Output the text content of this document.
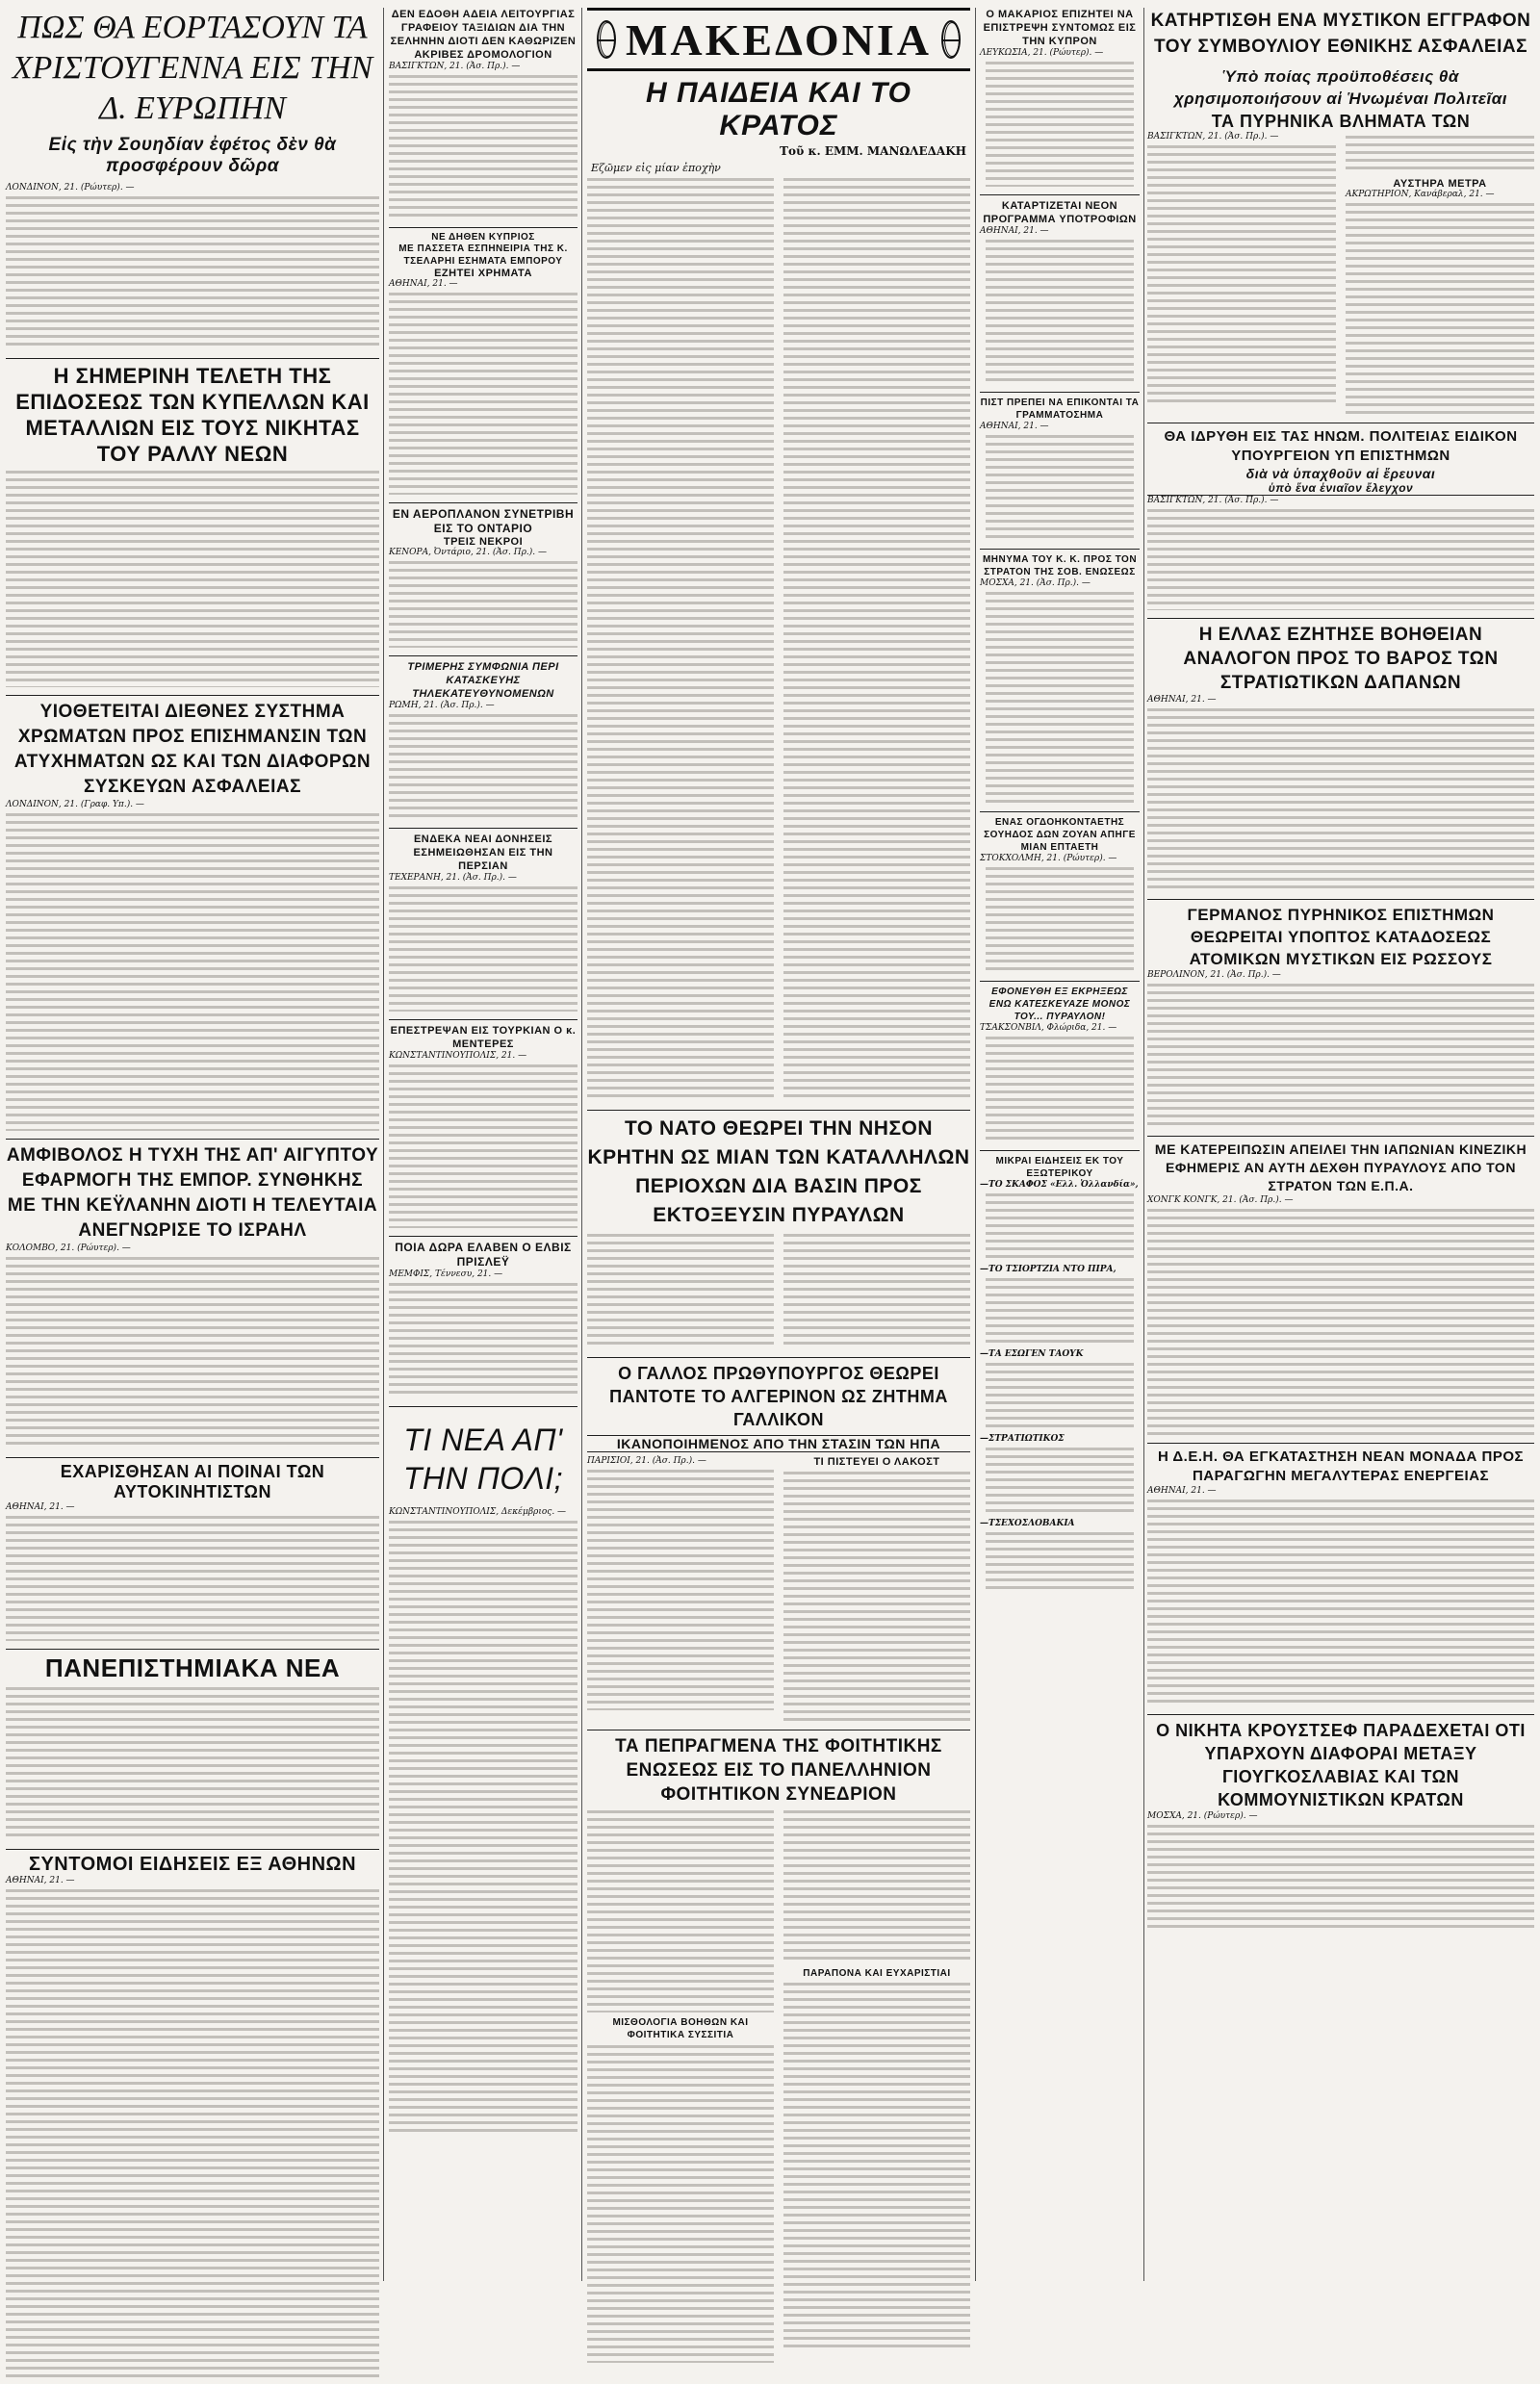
ΠΩΣ ΘΑ ΕΟΡΤΑΣΟΥΝ ΤΑ ΧΡΙΣΤΟΥΓΕΝΝΑ ΕΙΣ ΤΗΝ Δ. ΕΥΡΩΠΗΝ
Εἰς τὴν Σουηδίαν ἐφέτος δὲν θὰ προσφέρουν δῶρα
ΛΟΝΔΙΝΟΝ, 21. (Ρώυτερ). —
Η ΣΗΜΕΡΙΝΗ ΤΕΛΕΤΗ ΤΗΣ ΕΠΙΔΟΣΕΩΣ ΤΩΝ ΚΥΠΕΛΛΩΝ ΚΑΙ ΜΕΤΑΛΛΙΩΝ ΕΙΣ ΤΟΥΣ ΝΙΚΗΤΑΣ ΤΟΥ ΡΑΛΛΥ ΝΕΩΝ
ΥΙΟΘΕΤΕΙΤΑΙ ΔΙΕΘΝΕΣ ΣΥΣΤΗΜΑ ΧΡΩΜΑΤΩΝ ΠΡΟΣ ΕΠΙΣΗΜΑΝΣΙΝ ΤΩΝ ΑΤΥΧΗΜΑΤΩΝ ΩΣ ΚΑΙ ΤΩΝ ΔΙΑΦΟΡΩΝ ΣΥΣΚΕΥΩΝ ΑΣΦΑΛΕΙΑΣ
ΛΟΝΔΙΝΟΝ, 21. (Γραφ. Υπ.). —
ΑΜΦΙΒΟΛΟΣ Η ΤΥΧΗ ΤΗΣ ΑΠ' ΑΙΓΥΠΤΟΥ ΕΦΑΡΜΟΓΗ ΤΗΣ ΕΜΠΟΡ. ΣΥΝΘΗΚΗΣ ΜΕ ΤΗΝ ΚΕΫΛΑΝΗΝ ΔΙΟΤΙ Η ΤΕΛΕΥΤΑΙΑ ΑΝΕΓΝΩΡΙΣΕ ΤΟ ΙΣΡΑΗΛ
ΚΟΛΟΜΒΟ, 21. (Ρώυτερ). —
ΕΧΑΡΙΣΘΗΣΑΝ ΑΙ ΠΟΙΝΑΙ ΤΩΝ ΑΥΤΟΚΙΝΗΤΙΣΤΩΝ
ΑΘΗΝΑΙ, 21. —
ΠΑΝΕΠΙΣΤΗΜΙΑΚΑ ΝΕΑ
ΣΥΝΤΟΜΟΙ ΕΙΔΗΣΕΙΣ ΕΞ ΑΘΗΝΩΝ
ΑΘΗΝΑΙ, 21. —
ΔΕΝ ΕΔΟΘΗ ΑΔΕΙΑ ΛΕΙΤΟΥΡΓΙΑΣ ΓΡΑΦΕΙΟΥ ΤΑΞΙΔΙΩΝ ΔΙΑ ΤΗΝ ΣΕΛΗΝΗΝ ΔΙΟΤΙ ΔΕΝ ΚΑΘΩΡΙΖΕΝ ΑΚΡΙΒΕΣ ΔΡΟΜΟΛΟΓΙΟΝ
ΒΑΣΙΓΚΤΩΝ, 21. (Ἀσ. Πρ.). —
ΝΕ ΔΗΘΕΝ ΚΥΠΡΙΟΣ
ΜΕ ΠΑΣΣΕΤΑ ΕΣΠΗΝΕΙΡΙΑ ΤΗΣ Κ. ΤΣΕΛΑΡΗΙ ΕΣΗΜΑΤΑ ΕΜΠΟΡΟΥ
ΕΖΗΤΕΙ ΧΡΗΜΑΤΑ
ΑΘΗΝΑΙ, 21. —
ΕΝ ΑΕΡΟΠΛΑΝΟΝ ΣΥΝΕΤΡΙΒΗ ΕΙΣ ΤΟ ΟΝΤΑΡΙΟ
ΤΡΕΙΣ ΝΕΚΡΟΙ
ΚΕΝΟΡΑ, Ὀντάριο, 21. (Ἀσ. Πρ.). —
ΤΡΙΜΕΡΗΣ ΣΥΜΦΩΝΙΑ ΠΕΡΙ ΚΑΤΑΣΚΕΥΗΣ ΤΗΛΕΚΑΤΕΥΘΥΝΟΜΕΝΩΝ
ΡΩΜΗ, 21. (Ἀσ. Πρ.). —
ΕΝΔΕΚΑ ΝΕΑΙ ΔΟΝΗΣΕΙΣ ΕΣΗΜΕΙΩΘΗΣΑΝ ΕΙΣ ΤΗΝ ΠΕΡΣΙΑΝ
ΤΕΧΕΡΑΝΗ, 21. (Ἀσ. Πρ.). —
ΕΠΕΣΤΡΕΨΑΝ ΕΙΣ ΤΟΥΡΚΙΑΝ Ο κ. ΜΕΝΤΕΡΕΣ
ΚΩΝΣΤΑΝΤΙΝΟΥΠΟΛΙΣ, 21. —
ΠΟΙΑ ΔΩΡΑ ΕΛΑΒΕΝ Ο ΕΛΒΙΣ ΠΡΙΣΛΕΫ
ΜΕΜΦΙΣ, Τέννεσυ, 21. —
ΤΙ ΝΕΑ ΑΠ' ΤΗΝ ΠΟΛΙ;
ΚΩΝΣΤΑΝΤΙΝΟΥΠΟΛΙΣ, Δεκέμβριος. —
ΜΑΚΕΔΟΝΙΑ
Η ΠΑΙΔΕΙΑ ΚΑΙ ΤΟ ΚΡΑΤΟΣ
Τοῦ κ. ΕΜΜ. ΜΑΝΩΛΕΔΑΚΗ
Εζῶμεν εἰς μίαν ἐποχὴν
ΤΟ ΝΑΤΟ ΘΕΩΡΕΙ ΤΗΝ ΝΗΣΟΝ ΚΡΗΤΗΝ ΩΣ ΜΙΑΝ ΤΩΝ ΚΑΤΑΛΛΗΛΩΝ ΠΕΡΙΟΧΩΝ ΔΙΑ ΒΑΣΙΝ ΠΡΟΣ ΕΚΤΟΞΕΥΣΙΝ ΠΥΡΑΥΛΩΝ
Ο ΓΑΛΛΟΣ ΠΡΩΘΥΠΟΥΡΓΟΣ ΘΕΩΡΕΙ ΠΑΝΤΟΤΕ ΤΟ ΑΛΓΕΡΙΝΟΝ ΩΣ ΖΗΤΗΜΑ ΓΑΛΛΙΚΟΝ
ΙΚΑΝΟΠΟΙΗΜΕΝΟΣ ΑΠΟ ΤΗΝ ΣΤΑΣΙΝ ΤΩΝ ΗΠΑ
ΠΑΡΙΣΙΟΙ, 21. (Ἀσ. Πρ.). —	ΤΙ ΠΙΣΤΕΥΕΙ Ο ΛΑΚΟΣΤ
ΤΑ ΠΕΠΡΑΓΜΕΝΑ ΤΗΣ ΦΟΙΤΗΤΙΚΗΣ ΕΝΩΣΕΩΣ ΕΙΣ ΤΟ ΠΑΝΕΛΛΗΝΙΟΝ ΦΟΙΤΗΤΙΚΟΝ ΣΥΝΕΔΡΙΟΝ
ΜΙΣΘΟΛΟΓΙΑ ΒΟΗΘΩΝ ΚΑΙ ΦΟΙΤΗΤΙΚΑ ΣΥΣΣΙΤΙΑ
ΠΑΡΑΠΟΝΑ ΚΑΙ ΕΥΧΑΡΙΣΤΙΑΙ
Ο ΜΑΚΑΡΙΟΣ ΕΠΙΖΗΤΕΙ ΝΑ ΕΠΙΣΤΡΕΨΗ ΣΥΝΤΟΜΩΣ ΕΙΣ ΤΗΝ ΚΥΠΡΟΝ
ΛΕΥΚΩΣΙΑ, 21. (Ρώυτερ). —
ΚΑΤΑΡΤΙΖΕΤΑΙ ΝΕΟΝ ΠΡΟΓΡΑΜΜΑ ΥΠΟΤΡΟΦΙΩΝ
ΑΘΗΝΑΙ, 21. —
ΠΙΣΤ ΠΡΕΠΕΙ ΝΑ ΕΠΙΚΟΝΤΑΙ ΤΑ ΓΡΑΜΜΑΤΟΣΗΜΑ
ΑΘΗΝΑΙ, 21. —
ΜΗΝΥΜΑ ΤΟΥ Κ. Κ. ΠΡΟΣ ΤΟΝ ΣΤΡΑΤΟΝ ΤΗΣ ΣΟΒ. ΕΝΩΣΕΩΣ
ΜΟΣΧΑ, 21. (Ἀσ. Πρ.). —
ΕΝΑΣ ΟΓΔΟΗΚΟΝΤΑΕΤΗΣ ΣΟΥΗΔΟΣ ΔΩΝ ΖΟΥΑΝ ΑΠΗΓΕ ΜΙΑΝ ΕΠΤΑΕΤΗ
ΣΤΟΚΧΟΛΜΗ, 21. (Ρώυτερ). —
ΕΦΟΝΕΥΘΗ ΕΞ ΕΚΡΗΞΕΩΣ ΕΝΩ ΚΑΤΕΣΚΕΥΑΖΕ ΜΟΝΟΣ ΤΟΥ... ΠΥΡΑΥΛΟΝ!
ΤΣΑΚΣΟΝΒΙΛ, Φλώριδα, 21. —
ΜΙΚΡΑΙ ΕΙΔΗΣΕΙΣ ΕΚ ΤΟΥ ΕΞΩΤΕΡΙΚΟΥ
—ΤΟ ΣΚΑΦΟΣ «Ελλ. Ὁλλανδία»,
—ΤΟ ΤΣΙΟΡΤΖΙΑ ΝΤΟ ΠΙΡΑ,
—ΤΑ ΕΣΩΓΕΝ ΤΑΟΥΚ
—ΣΤΡΑΤΙΩΤΙΚΟΣ
—ΤΣΕΧΟΣΛΟΒΑΚΙΑ
ΚΑΤΗΡΤΙΣΘΗ ΕΝΑ ΜΥΣΤΙΚΟΝ ΕΓΓΡΑΦΟΝ ΤΟΥ ΣΥΜΒΟΥΛΙΟΥ ΕΘΝΙΚΗΣ ΑΣΦΑΛΕΙΑΣ
Ὑπὸ ποίας προϋποθέσεις θὰ χρησιμοποιήσουν αἱ Ἡνωμέναι Πολιτεῖαι
ΤΑ ΠΥΡΗΝΙΚΑ ΒΛΗΜΑΤΑ ΤΩΝ
ΒΑΣΙΓΚΤΩΝ, 21. (Ἀσ. Πρ.). —
ΑΥΣΤΗΡΑ ΜΕΤΡΑ
ΑΚΡΩΤΗΡΙΟΝ, Κανάβεραλ, 21. —
ΘΑ ΙΔΡΥΘΗ ΕΙΣ ΤΑΣ ΗΝΩΜ. ΠΟΛΙΤΕΙΑΣ ΕΙΔΙΚΟΝ ΥΠΟΥΡΓΕΙΟΝ ΥΠ ΕΠΙΣΤΗΜΩΝ
διὰ νὰ ὑπαχθοῦν αἱ ἔρευναι
ὑπὸ ἕνα ἑνιαῖον ἔλεγχον
ΒΑΣΙΓΚΤΩΝ, 21. (Ἀσ. Πρ.). —
Η ΕΛΛΑΣ ΕΖΗΤΗΣΕ ΒΟΗΘΕΙΑΝ ΑΝΑΛΟΓΟΝ ΠΡΟΣ ΤΟ ΒΑΡΟΣ ΤΩΝ ΣΤΡΑΤΙΩΤΙΚΩΝ ΔΑΠΑΝΩΝ
ΑΘΗΝΑΙ, 21. —
ΓΕΡΜΑΝΟΣ ΠΥΡΗΝΙΚΟΣ ΕΠΙΣΤΗΜΩΝ ΘΕΩΡΕΙΤΑΙ ΥΠΟΠΤΟΣ ΚΑΤΑΔΟΣΕΩΣ ΑΤΟΜΙΚΩΝ ΜΥΣΤΙΚΩΝ ΕΙΣ ΡΩΣΣΟΥΣ
ΒΕΡΟΛΙΝΟΝ, 21. (Ἀσ. Πρ.). —
ΜΕ ΚΑΤΕΡΕΙΠΩΣΙΝ ΑΠΕΙΛΕΙ ΤΗΝ ΙΑΠΩΝΙΑΝ ΚΙΝΕΖΙΚΗ ΕΦΗΜΕΡΙΣ ΑΝ ΑΥΤΗ ΔΕΧΘΗ ΠΥΡΑΥΛΟΥΣ ΑΠΟ ΤΟΝ ΣΤΡΑΤΟΝ ΤΩΝ Ε.Π.Α.
ΧΟΝΓΚ ΚΟΝΓΚ, 21. (Ἀσ. Πρ.). —
Η Δ.Ε.Η. ΘΑ ΕΓΚΑΤΑΣΤΗΣΗ ΝΕΑΝ ΜΟΝΑΔΑ ΠΡΟΣ ΠΑΡΑΓΩΓΗΝ ΜΕΓΑΛΥΤΕΡΑΣ ΕΝΕΡΓΕΙΑΣ
ΑΘΗΝΑΙ, 21. —
Ο ΝΙΚΗΤΑ ΚΡΟΥΣΤΣΕΦ ΠΑΡΑΔΕΧΕΤΑΙ ΟΤΙ ΥΠΑΡΧΟΥΝ ΔΙΑΦΟΡΑΙ ΜΕΤΑΞΥ ΓΙΟΥΓΚΟΣΛΑΒΙΑΣ ΚΑΙ ΤΩΝ ΚΟΜΜΟΥΝΙΣΤΙΚΩΝ ΚΡΑΤΩΝ
ΜΟΣΧΑ, 21. (Ρώυτερ). —
